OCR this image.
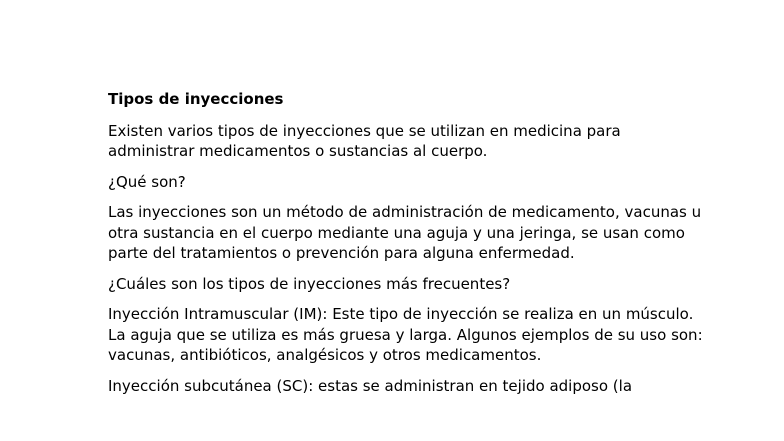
Tipos de inyecciones

Existen varios tipos de inyecciones que se utilizan en medicina para administrar medicamentos o sustancias al cuerpo.

¿Qué son?

Las inyecciones son un método de administración de medicamento, vacunas u otra sustancia en el cuerpo mediante una aguja y una jeringa, se usan como parte del tratamientos o prevención para alguna enfermedad.

¿Cuáles son los tipos de inyecciones más frecuentes?

Inyección Intramuscular (IM): Este tipo de inyección se realiza en un músculo. La aguja que se utiliza es más gruesa y larga. Algunos ejemplos de su uso son: vacunas, antibióticos, analgésicos y otros medicamentos.

Inyección subcutánea (SC): estas se administran en tejido adiposo (la
